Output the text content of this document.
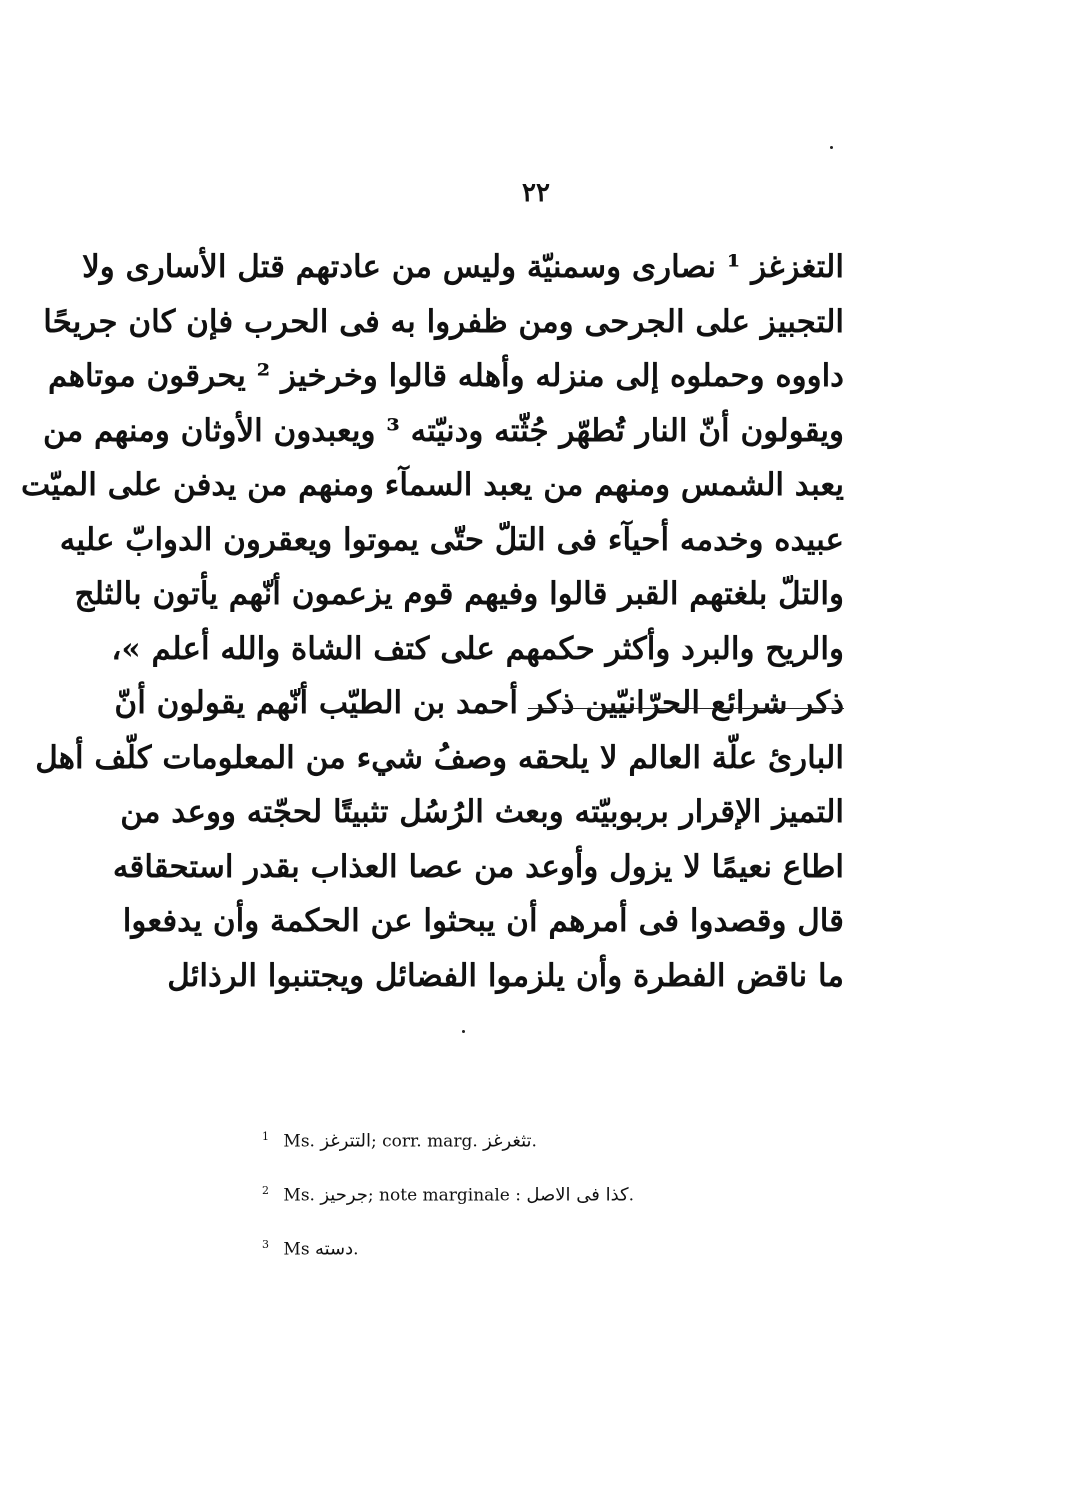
٢٢
التغزغز ¹ نصارى وسمنيّة وليس من عادتهم قتل الأسارى ولا
التجبيز على الجرحى ومن ظفروا به فى الحرب فإن كان جريحًا
داووه وحملوه إلى منزله وأهله قالوا وخرخيز ² يحرقون موتاهم
ويقولون أنّ النار تُطهّر جُثّته ودنيّته ³ ويعبدون الأوثان ومنهم من
يعبد الشمس ومنهم من يعبد السمآء ومنهم من يدفن على الميّت
عبيده وخدمه أحيآء فى التلّ حتّى يموتوا ويعقرون الدوابّ عليه
والتلّ بلغتهم القبر قالوا وفيهم قوم يزعمون أنّهم يأتون بالثلج
والريح والبرد وأكثر حكمهم على كتف الشاة والله أعلم »،
ذكر شرائع الحرّانيّين ذكر أحمد بن الطيّب أنّهم يقولون أنّ
البارئ علّة العالم لا يلحقه وصفُ شيء من المعلومات كلّف أهل
التميز الإقرار بربوبيّته وبعث الرُسُل تثبيتًا لحجّته ووعد من
اطاع نعيمًا لا يزول وأوعد من عصا العذاب بقدر استحقاقه
قال وقصدوا فى أمرهم أن يبحثوا عن الحكمة وأن يدفعوا
ما ناقض الفطرة وأن يلزموا الفضائل ويجتنبوا الرذائل
1 Ms. التترغز; corr. marg. تثغرغز.
2 Ms. جرحيز; note marginale : كذا فى الاصل.
3 Ms دسته.
